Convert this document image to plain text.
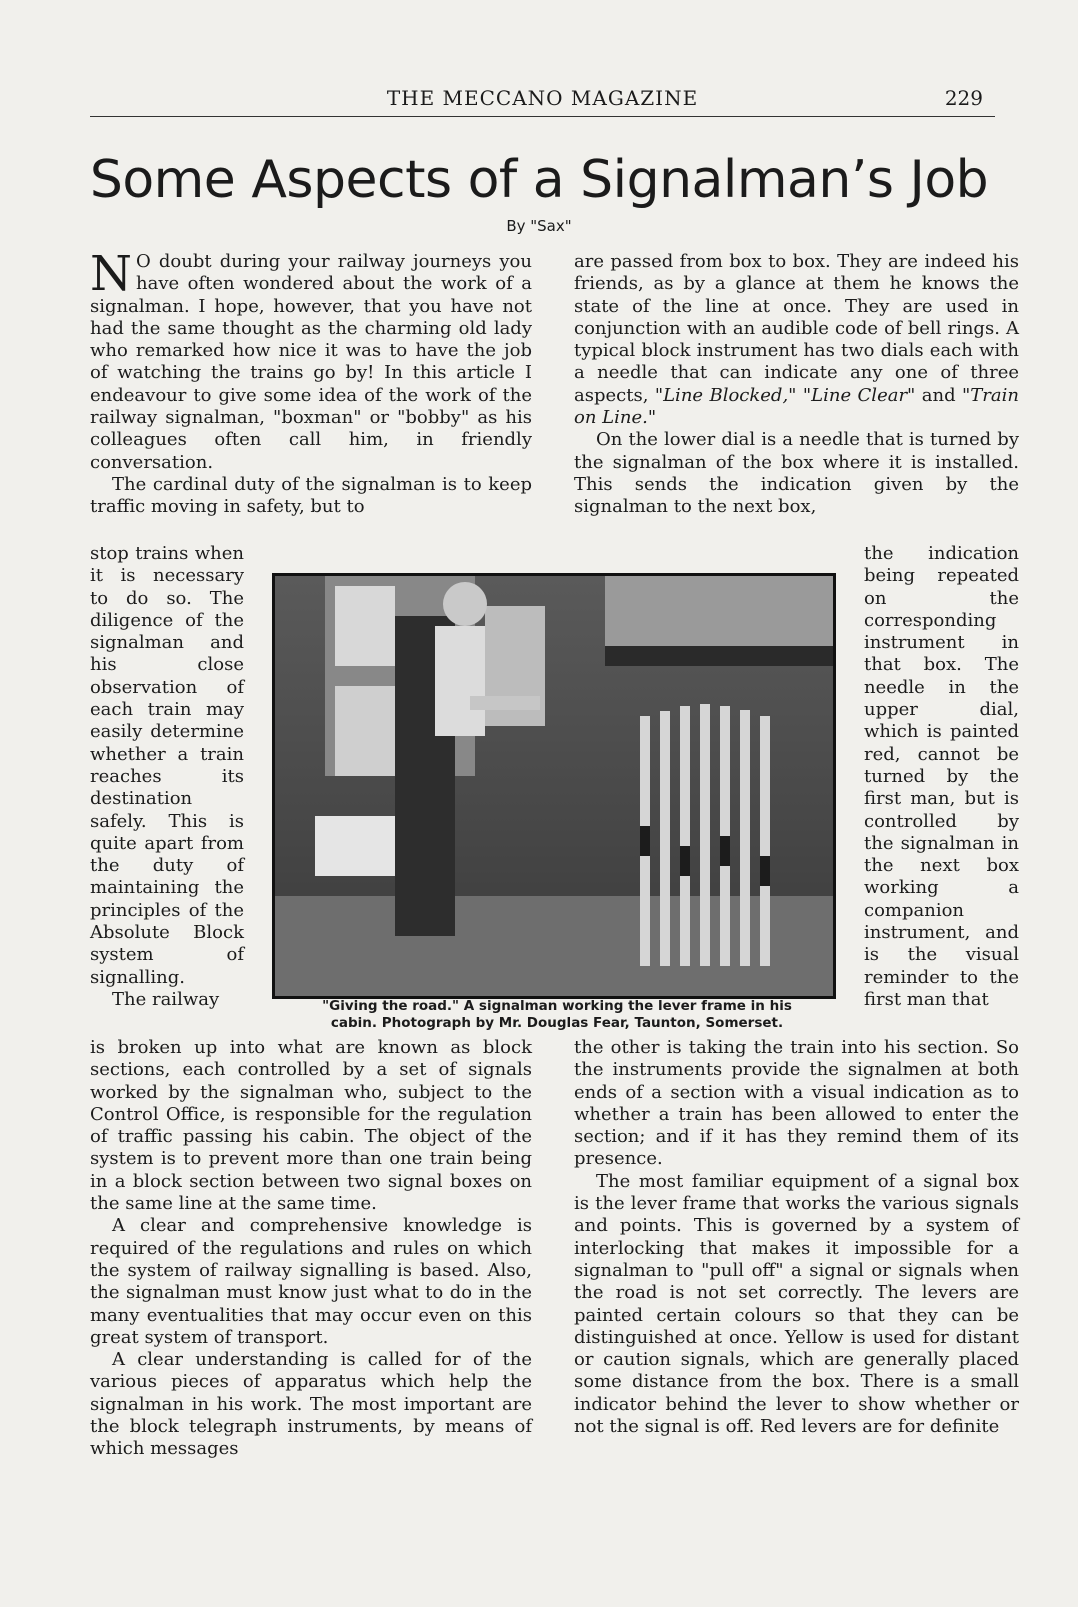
THE MECCANO MAGAZINE	229
Some Aspects of a Signalman’s Job
By "Sax"

N O doubt during your railway journeys you have often wondered about the work of a signalman. I hope, however, that you have not had the same thought as the charming old lady who remarked how nice it was to have the job of watching the trains go by! In this article I endeavour to give some idea of the work of the railway signalman, "boxman" or "bobby" as his colleagues often call him, in friendly conversation.

The cardinal duty of the signalman is to keep traffic moving in safety, but to

stop trains when it is necessary to do so. The diligence of the signalman and his close observation of each train may easily determine whether a train reaches its destination safely. This is quite apart from the duty of maintaining the principles of the Absolute Block system of signalling.
The railway	"Giving the road." A signalman working the lever frame in his
cabin. Photograph by Mr. Douglas Fear, Taunton, Somerset.

is broken up into what are known as block sections, each controlled by a set of signals worked by the signalman who, subject to the Control Office, is responsible for the regulation of traffic passing his cabin. The object of the system is to prevent more than one train being in a block section between two signal boxes on the same line at the same time.

A clear and comprehensive knowledge is required of the regulations and rules on which the system of railway signalling is based. Also, the signalman must know just what to do in the many eventualities that may occur even on this great system of transport.

A clear understanding is called for of the various pieces of apparatus which help the signalman in his work. The most important are the block telegraph instruments, by means of which messages

are passed from box to box. They are indeed his friends, as by a glance at them he knows the state of the line at once. They are used in conjunction with an audible code of bell rings. A typical block instrument has two dials each with a needle that can indicate any one of three aspects, "Line Blocked," "Line Clear" and "Train on Line."

On the lower dial is a needle that is turned by the signalman of the box where it is installed. This sends the indication given by the signalman to the next box,

the indication being repeated on the corresponding instrument in that box. The needle in the upper dial, which is painted red, cannot be turned by the first man, but is controlled by the signalman in the next box working a companion instrument, and is the visual reminder to the first man that

the other is taking the train into his section. So the instruments provide the signalmen at both ends of a section with a visual indication as to whether a train has been allowed to enter the section; and if it has they remind them of its presence.

The most familiar equipment of a signal box is the lever frame that works the various signals and points. This is governed by a system of interlocking that makes it impossible for a signalman to "pull off" a signal or signals when the road is not set correctly. The levers are painted certain colours so that they can be distinguished at once. Yellow is used for distant or caution signals, which are generally placed some distance from the box. There is a small indicator behind the lever to show whether or not the signal is off. Red levers are for definite
